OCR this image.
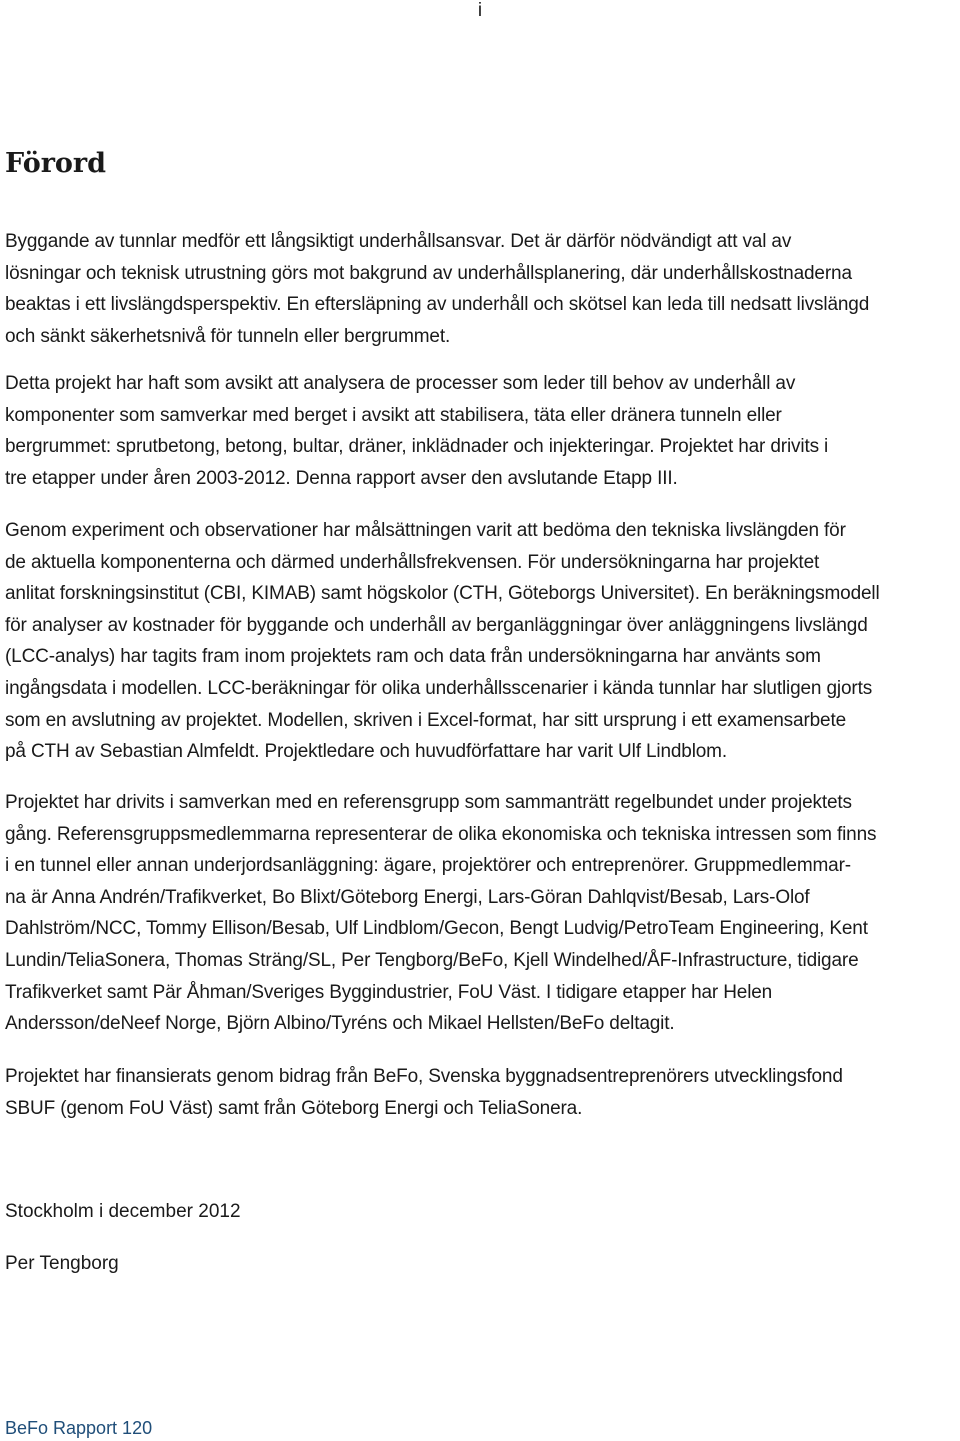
i
Förord

Byggande av tunnlar medför ett långsiktigt underhållsansvar. Det är därför nödvändigt att val av
lösningar och teknisk utrustning görs mot bakgrund av underhållsplanering, där underhållskostnaderna
beaktas i ett livslängdsperspektiv. En eftersläpning av underhåll och skötsel kan leda till nedsatt livslängd
och sänkt säkerhetsnivå för tunneln eller bergrummet.

Detta projekt har haft som avsikt att analysera de processer som leder till behov av underhåll av
komponenter som samverkar med berget i avsikt att stabilisera, täta eller dränera tunneln eller
bergrummet: sprutbetong, betong, bultar, dräner, inklädnader och injekteringar. Projektet har drivits i
tre etapper under åren 2003-2012. Denna rapport avser den avslutande Etapp III.

Genom experiment och observationer har målsättningen varit att bedöma den tekniska livslängden för
de aktuella komponenterna och därmed underhållsfrekvensen. För undersökningarna har projektet
anlitat forskningsinstitut (CBI, KIMAB) samt högskolor (CTH, Göteborgs Universitet). En beräkningsmodell
för analyser av kostnader för byggande och underhåll av berganläggningar över anläggningens livslängd
(LCC-analys) har tagits fram inom projektets ram och data från undersökningarna har använts som
ingångsdata i modellen. LCC-beräkningar för olika underhållsscenarier i kända tunnlar har slutligen gjorts
som en avslutning av projektet. Modellen, skriven i Excel-format, har sitt ursprung i ett examensarbete
på CTH av Sebastian Almfeldt. Projektledare och huvudförfattare har varit Ulf Lindblom.

Projektet har drivits i samverkan med en referensgrupp som sammanträtt regelbundet under projektets
gång. Referensgruppsmedlemmarna representerar de olika ekonomiska och tekniska intressen som finns
i en tunnel eller annan underjordsanläggning: ägare, projektörer och entreprenörer. Gruppmedlemmar-
na är Anna Andrén/Trafikverket, Bo Blixt/Göteborg Energi, Lars-Göran Dahlqvist/Besab, Lars-Olof
Dahlström/NCC, Tommy Ellison/Besab, Ulf Lindblom/Gecon, Bengt Ludvig/PetroTeam Engineering, Kent
Lundin/TeliaSonera, Thomas Sträng/SL, Per Tengborg/BeFo, Kjell Windelhed/ÅF-Infrastructure, tidigare
Trafikverket samt Pär Åhman/Sveriges Byggindustrier, FoU Väst. I tidigare etapper har Helen
Andersson/deNeef Norge, Björn Albino/Tyréns och Mikael Hellsten/BeFo deltagit.

Projektet har finansierats genom bidrag från BeFo, Svenska byggnadsentreprenörers utvecklingsfond
SBUF (genom FoU Väst) samt från Göteborg Energi och TeliaSonera.

Stockholm i december 2012

Per Tengborg

BeFo Rapport 120
